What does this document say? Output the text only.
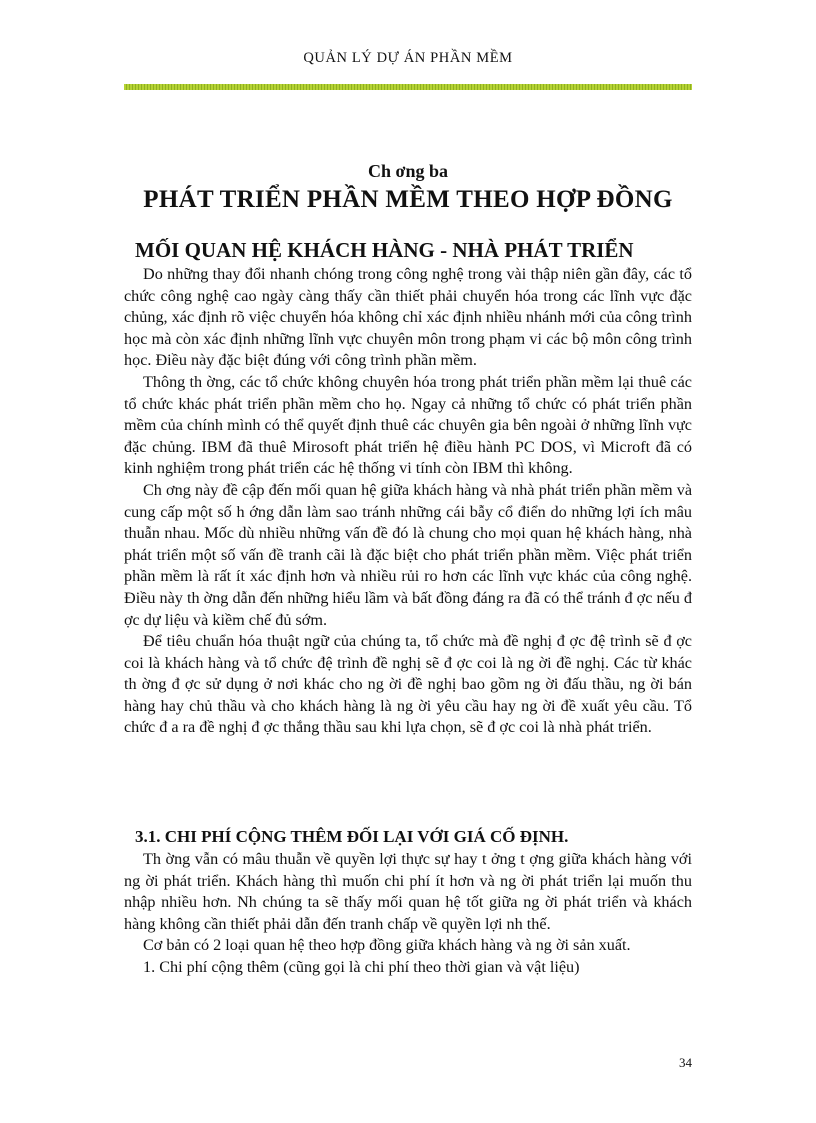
QUẢN LÝ DỰ ÁN PHẦN MỀM
Ch ơng ba
PHÁT TRIỂN PHẦN MỀM THEO HỢP ĐỒNG
MỐI QUAN HỆ KHÁCH HÀNG - NHÀ PHÁT TRIỂN

Do những thay đổi nhanh chóng trong công nghệ trong vài thập niên gần đây, các tổ chức công nghệ cao ngày càng thấy cần thiết phải chuyển hóa trong các lĩnh vực đặc chủng, xác định rõ việc chuyển hóa không chỉ xác định nhiều nhánh mới của công trình học mà còn xác định những lĩnh vực chuyên môn trong phạm vi các bộ môn công trình học. Điều này đặc biệt đúng với công trình phần mềm.

Thông th ờng, các tổ chức không chuyên hóa trong phát triển phần mềm lại thuê các tổ chức khác phát triển phần mềm cho họ. Ngay cả những tổ chức có phát triển phần mềm của chính mình có thể quyết định thuê các chuyên gia bên ngoài ở những lĩnh vực đặc chủng. IBM đã thuê Mirosoft phát triển hệ điều hành PC DOS, vì Microft đã có kinh nghiệm trong phát triển các hệ thống vi tính còn IBM thì không.

Ch ơng này đề cập đến mối quan hệ giữa khách hàng và nhà phát triển phần mềm và cung cấp một số h ớng dẫn làm sao tránh những cái bẫy cổ điển do những lợi ích mâu thuẫn nhau. Mốc dù nhiều những vấn đề đó là chung cho mọi quan hệ khách hàng, nhà phát triển một số vấn đề tranh cãi là đặc biệt cho phát triển phần mềm. Việc phát triển phần mềm là rất ít xác định hơn và nhiều rủi ro hơn các lĩnh vực khác của công nghệ. Điều này th ờng dẫn đến những hiểu lầm và bất đồng đáng ra đã có thể tránh đ ợc nếu đ ợc dự liệu và kiềm chế đủ sớm.

Để tiêu chuẩn hóa thuật ngữ của chúng ta, tổ chức mà đề nghị đ ợc đệ trình sẽ đ ợc coi là khách hàng và tổ chức đệ trình đề nghị sẽ đ ợc coi là ng ời đề nghị. Các từ khác th ờng đ ợc sử dụng ở nơi khác cho ng ời đề nghị bao gồm ng ời đấu thầu, ng ời bán hàng hay chủ thầu và cho khách hàng là ng ời yêu cầu hay ng ời đề xuất yêu cầu. Tổ chức đ a ra đề nghị đ ợc thắng thầu sau khi lựa chọn, sẽ đ ợc coi là nhà phát triển.

3.1. CHI PHÍ CỘNG THÊM ĐỐI LẠI VỚI GIÁ CỐ ĐỊNH.

Th ờng vẫn có mâu thuẫn về quyền lợi thực sự hay t ởng t ợng giữa khách hàng với ng ời phát triển. Khách hàng thì muốn chi phí ít hơn và ng ời phát triển lại muốn thu nhập nhiều hơn. Nh chúng ta sẽ thấy mối quan hệ tốt giữa ng ời phát triển và khách hàng không cần thiết phải dẫn đến tranh chấp về quyền lợi nh thế.

Cơ bản có 2 loại quan hệ theo hợp đồng giữa khách hàng và ng ời sản xuất.

1. Chi phí cộng thêm (cũng gọi là chi phí theo thời gian và vật liệu)

34
